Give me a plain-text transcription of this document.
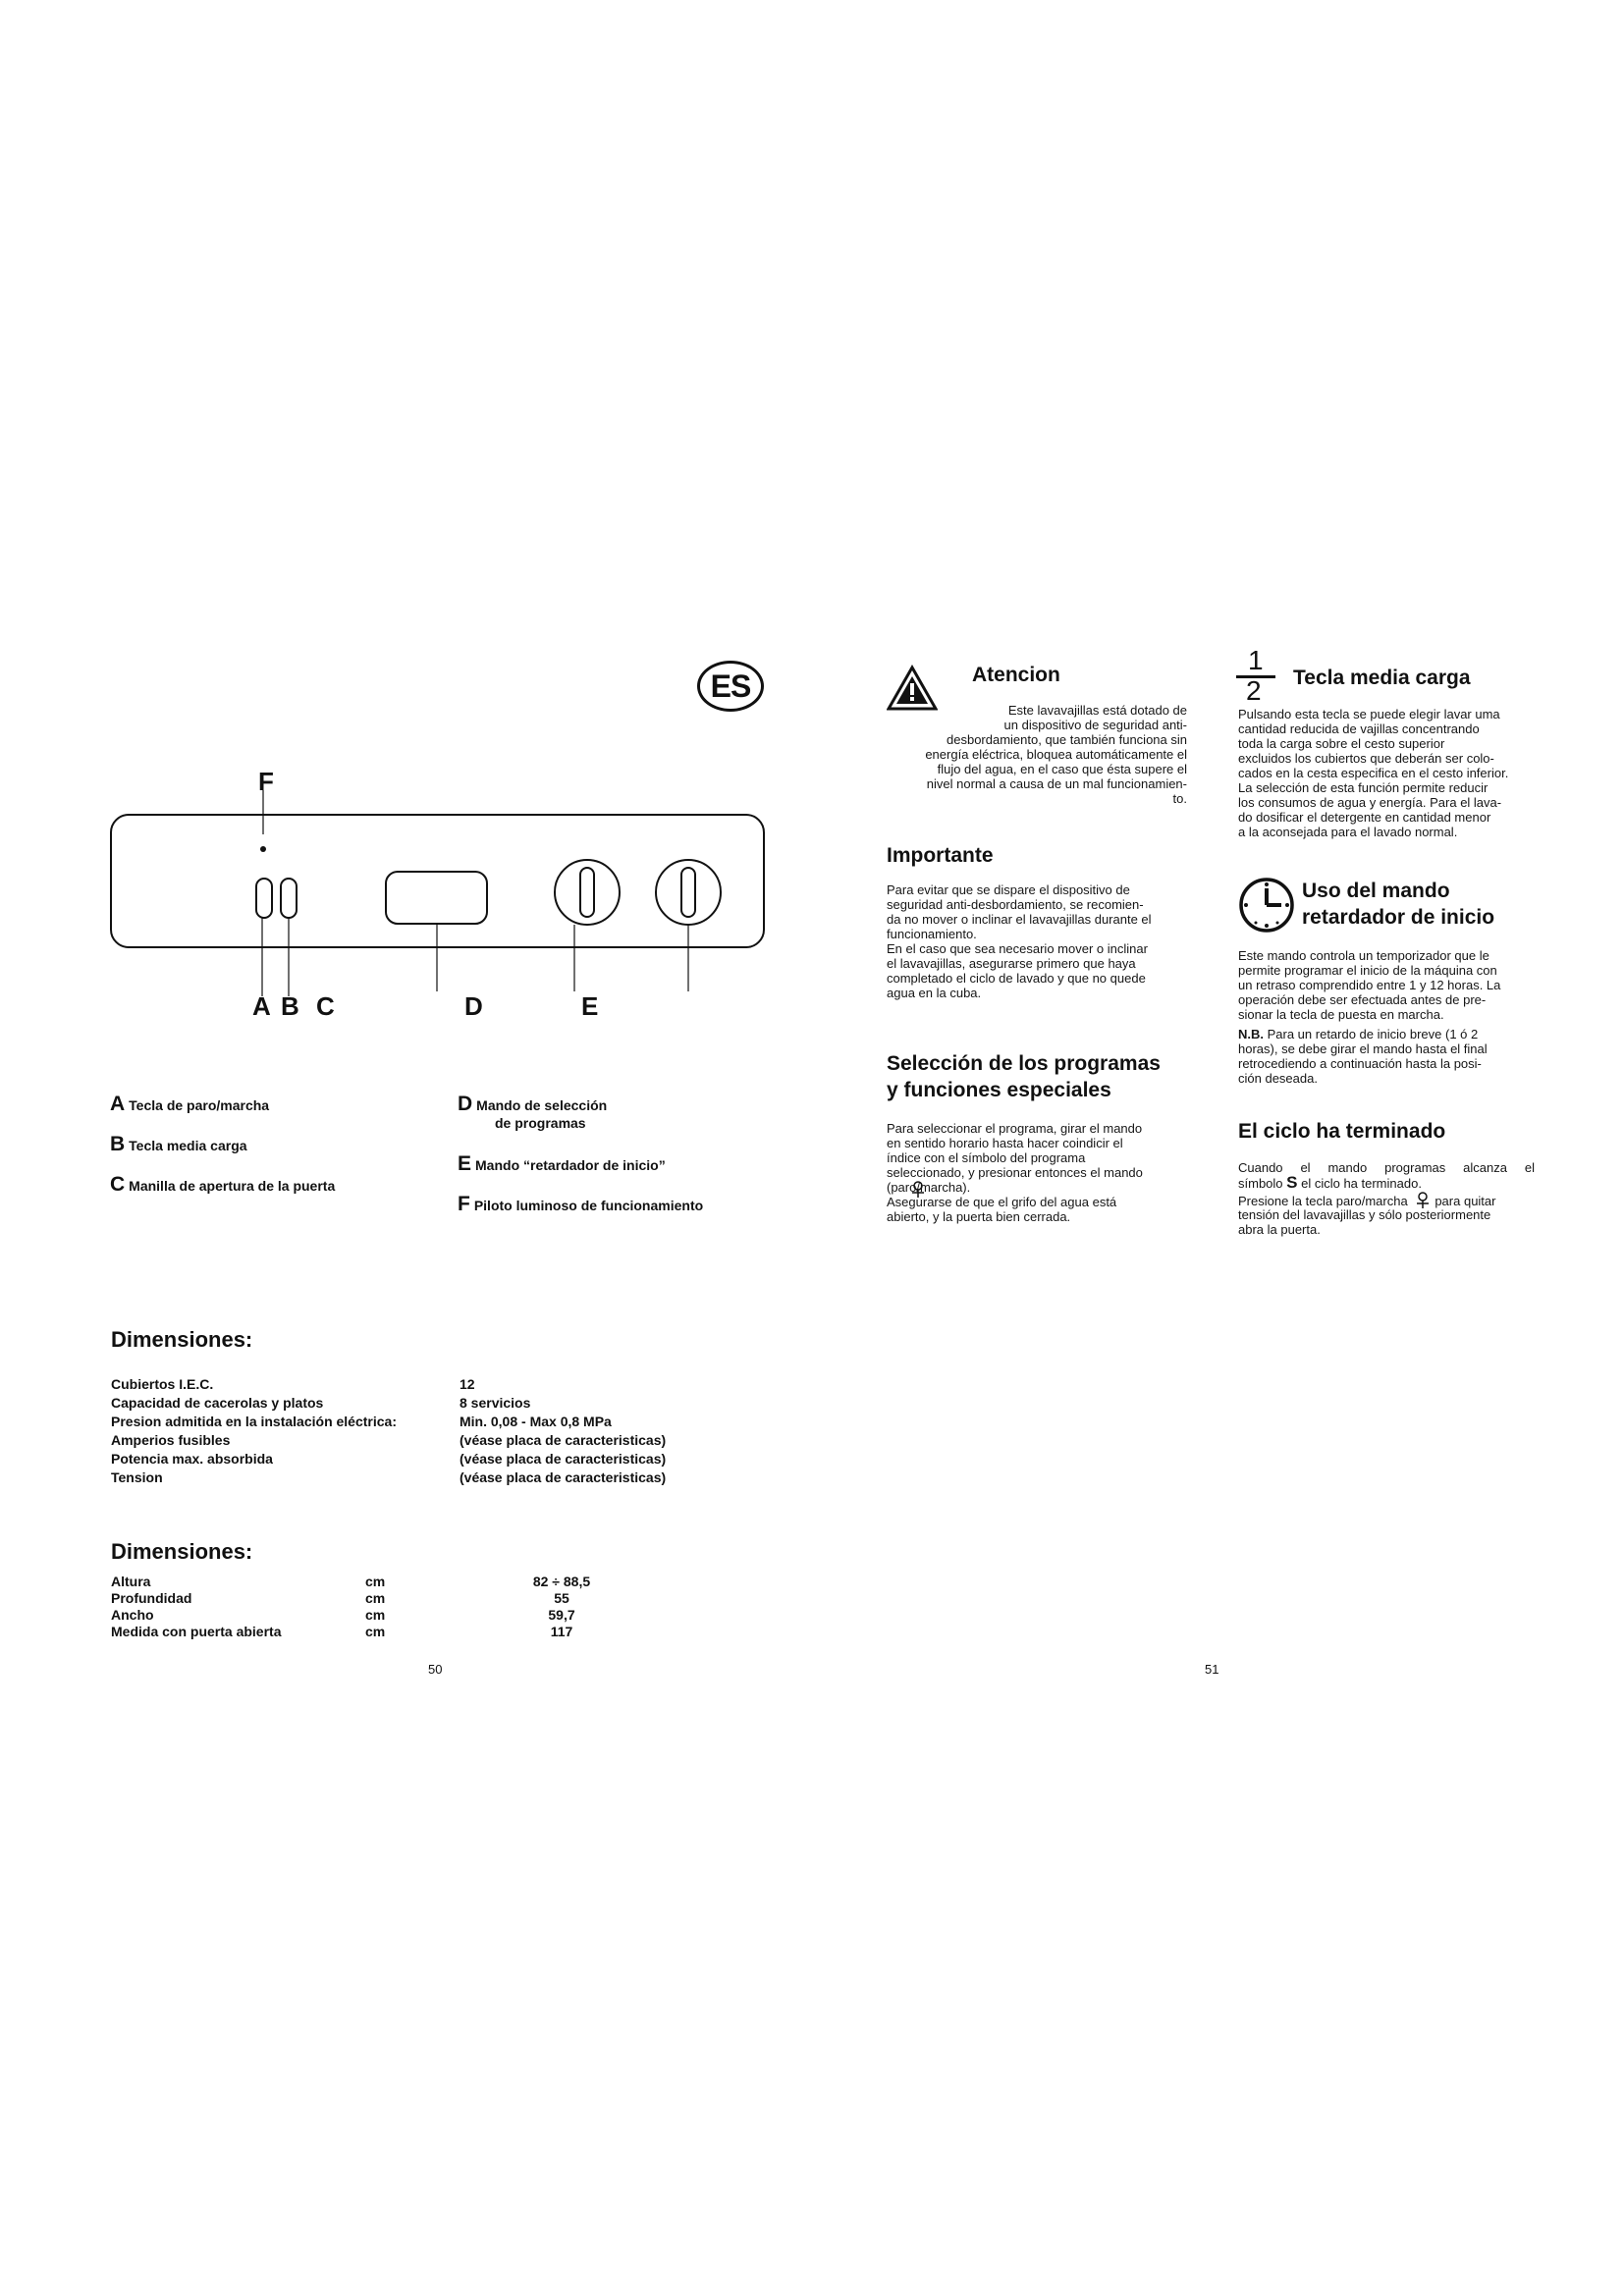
ES
F
A B C	D	E
A Tecla de paro/marcha
B Tecla media carga
C Manilla de apertura de la puerta
D Mando de selección
de programas
E Mando “retardador de inicio”
F Piloto luminoso de funcionamiento
Dimensiones:
Cubiertos I.E.C.	12
Capacidad de cacerolas y platos	8 servicios
Presion admitida en la instalación eléctrica:	Min. 0,08 - Max 0,8 MPa
Amperios fusibles	(véase placa de caracteristicas)
Potencia max. absorbida	(véase placa de caracteristicas)
Tension	(véase placa de caracteristicas)
Dimensiones:
Altura	cm	82 ÷ 88,5
Profundidad	cm	55
Ancho	cm	59,7
Medida con puerta abierta	cm	117
50
Atencion
Este lavavajillas está dotado de
un dispositivo de seguridad anti-
desbordamiento, que también funciona sin
energía eléctrica, bloquea automáticamente el
flujo del agua, en el caso que ésta supere el
nivel normal a causa de un mal funcionamien-
to.
Importante
Para evitar que se dispare el dispositivo de
seguridad anti-desbordamiento, se recomien-
da no mover o inclinar el lavavajillas durante el
funcionamiento.
En el caso que sea necesario mover o inclinar
el lavavajillas, asegurarse primero que haya
completado el ciclo de lavado y que no quede
agua en la cuba.
Selección de los programas
y funciones especiales
Para seleccionar el programa, girar el mando
en sentido horario hasta hacer coindicir el
índice con el símbolo del programa
seleccionado, y presionar entonces el mando
(paro/marcha).
Asegurarse de que el grifo del agua está
abierto, y la puerta bien cerrada.
1
2 Tecla media carga
Pulsando esta tecla se puede elegir lavar uma
cantidad reducida de vajillas concentrando
toda la carga sobre el cesto superior
excluidos los cubiertos que deberán ser colo-
cados en la cesta especifica en el cesto inferior.
La selección de esta función permite reducir
los consumos de agua y energía. Para el lava-
do dosificar el detergente en cantidad menor
a la aconsejada para el lavado normal.
Uso del mando
retardador de inicio
Este mando controla un temporizador que le
permite programar el inicio de la máquina con
un retraso comprendido entre 1 y 12 horas. La
operación debe ser efectuada antes de pre-
sionar la tecla de puesta en marcha.
N.B. Para un retardo de inicio breve (1 ó 2
horas), se debe girar el mando hasta el final
retrocediendo a continuación hasta la posi-
ción deseada.
El ciclo ha terminado
Cuando el mando programas alcanza el
símbolo S el ciclo ha terminado.
Presione la tecla paro/marcha para quitar
tensión del lavavajillas y sólo posteriormente
abra la puerta.
51
